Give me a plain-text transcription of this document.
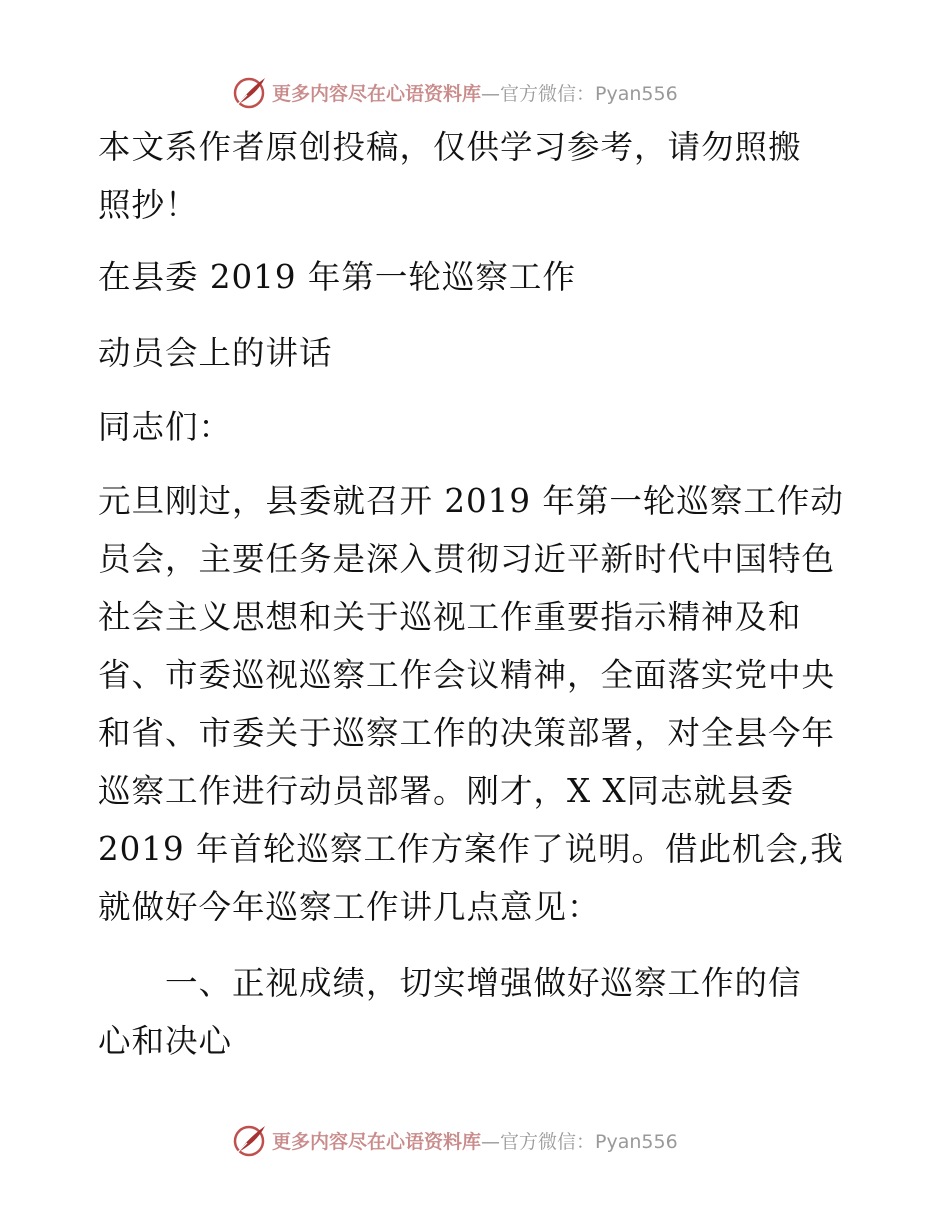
更多内容尽在心语资料库 —官方微信：Pyan556
本文系作者原创投稿，仅供学习参考，请勿照搬
照抄！
在县委 2019 年第一轮巡察工作
动员会上的讲话
同志们：
元旦刚过，县委就召开 2019 年第一轮巡察工作动
员会，主要任务是深入贯彻习近平新时代中国特色
社会主义思想和关于巡视工作重要指示精神及和
省、市委巡视巡察工作会议精神，全面落实党中央
和省、市委关于巡察工作的决策部署，对全县今年
巡察工作进行动员部署。刚才，X X同志就县委
2019 年首轮巡察工作方案作了说明。借此机会,我
就做好今年巡察工作讲几点意见：
　　一、正视成绩，切实增强做好巡察工作的信
心和决心
更多内容尽在心语资料库 —官方微信：Pyan556
